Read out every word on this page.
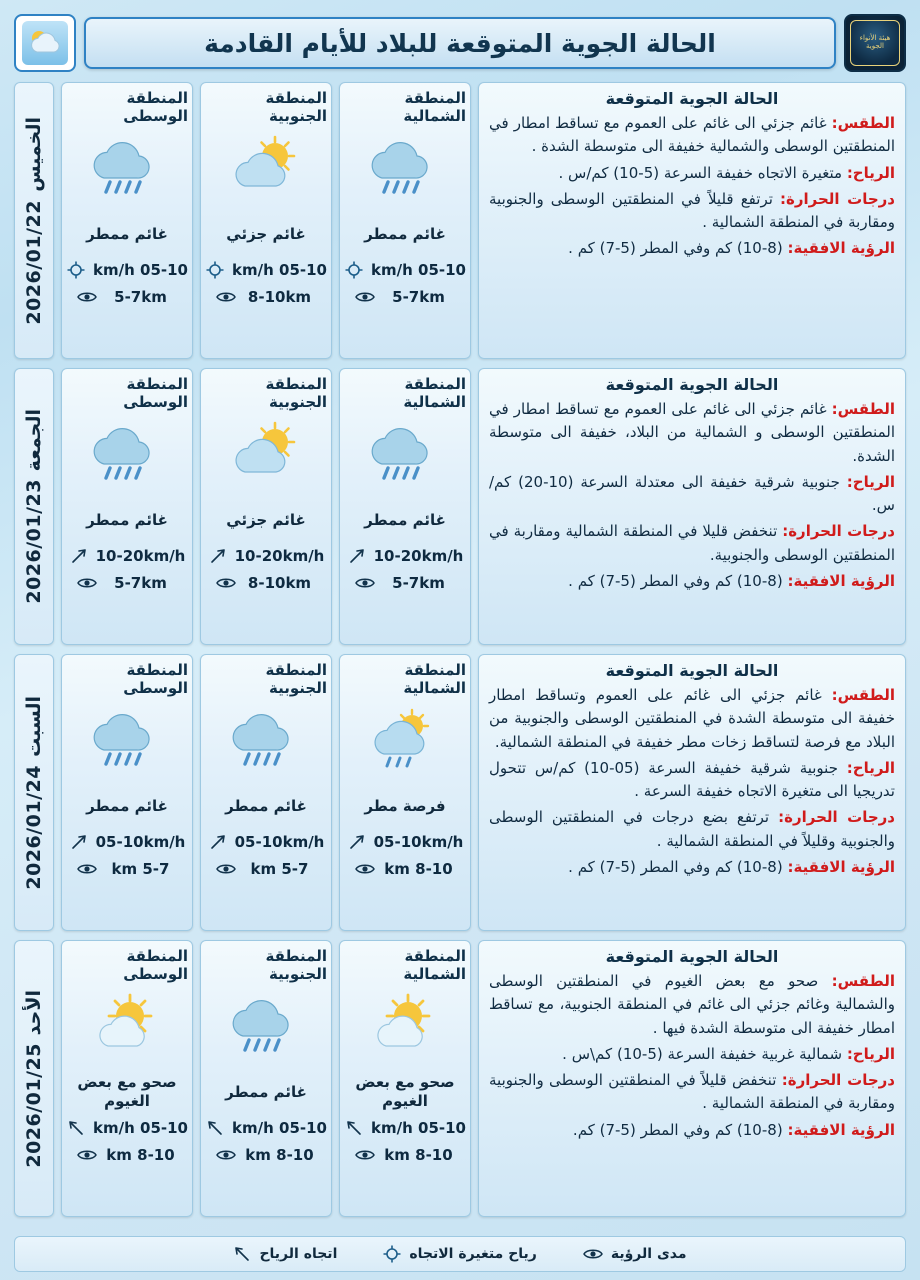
هيئة الأنواء الجوية
الحالة الجوية المتوقعة للبلاد للأيام القادمة
الحالة الجوية المتوقعة
الطقس: غائم جزئي الى غائم على العموم مع تساقط امطار في المنطقتين الوسطى والشمالية خفيفة الى متوسطة الشدة .
الرياح: متغيرة الاتجاه خفيفة السرعة (5-10) كم/س .
درجات الحرارة: ترتفع قليلاً في المنطقتين الوسطى والجنوبية ومقاربة في المنطقة الشمالية .
الرؤية الافقية: (8-10) كم وفي المطر (5-7) كم .
المنطقة الشمالية
غائم ممطر
05-10 km/h
5-7km
المنطقة الجنوبية
غائم جزئي
05-10 km/h
8-10km
المنطقة الوسطى
غائم ممطر
05-10 km/h
5-7km
الخميس
2026/01/22
الحالة الجوية المتوقعة
الطقس: غائم جزئي الى غائم على العموم مع تساقط امطار في المنطقتين الوسطى و الشمالية من البلاد، خفيفة الى متوسطة الشدة.
الرياح: جنوبية شرقية خفيفة الى معتدلة السرعة (10-20) كم/س.
درجات الحرارة: تنخفض قليلا في المنطقة الشمالية ومقاربة في المنطقتين الوسطى والجنوبية.
الرؤية الافقية: (8-10) كم وفي المطر (5-7) كم .
المنطقة الشمالية
غائم ممطر
10-20km/h
5-7km
المنطقة الجنوبية
غائم جزئي
10-20km/h
8-10km
المنطقة الوسطى
غائم ممطر
10-20km/h
5-7km
الجمعة
2026/01/23
الحالة الجوية المتوقعة
الطقس: غائم جزئي الى غائم على العموم وتساقط امطار خفيفة الى متوسطة الشدة في المنطقتين الوسطى والجنوبية من البلاد مع فرصة لتساقط زخات مطر خفيفة في المنطقة الشمالية.
الرياح: جنوبية شرقية خفيفة السرعة (05-10) كم/س تتحول تدريجيا الى متغيرة الاتجاه خفيفة السرعة .
درجات الحرارة: ترتفع بضع درجات في المنطقتين الوسطى والجنوبية وقليلاً في المنطقة الشمالية .
الرؤية الافقية: (8-10) كم وفي المطر (5-7) كم .
المنطقة الشمالية
فرصة مطر
05-10km/h
8-10 km
المنطقة الجنوبية
غائم ممطر
05-10km/h
5-7 km
المنطقة الوسطى
غائم ممطر
05-10km/h
5-7 km
السبت
2026/01/24
الحالة الجوية المتوقعة
الطقس: صحو مع بعض الغيوم في المنطقتين الوسطى والشمالية وغائم جزئي الى غائم في المنطقة الجنوبية، مع تساقط امطار خفيفة الى متوسطة الشدة فيها .
الرياح: شمالية غربية خفيفة السرعة (5-10) كم\س .
درجات الحرارة: تنخفض قليلاً في المنطقتين الوسطى والجنوبية ومقاربة في المنطقة الشمالية .
الرؤية الافقية: (8-10) كم وفي المطر (5-7) كم.
المنطقة الشمالية
صحو مع بعض الغيوم
05-10 km/h
8-10 km
المنطقة الجنوبية
غائم ممطر
05-10 km/h
8-10 km
المنطقة الوسطى
صحو مع بعض الغيوم
05-10 km/h
8-10 km
الأحد
2026/01/25
مدى الرؤية
رياح متغيرة الاتجاه
اتجاه الرياح
